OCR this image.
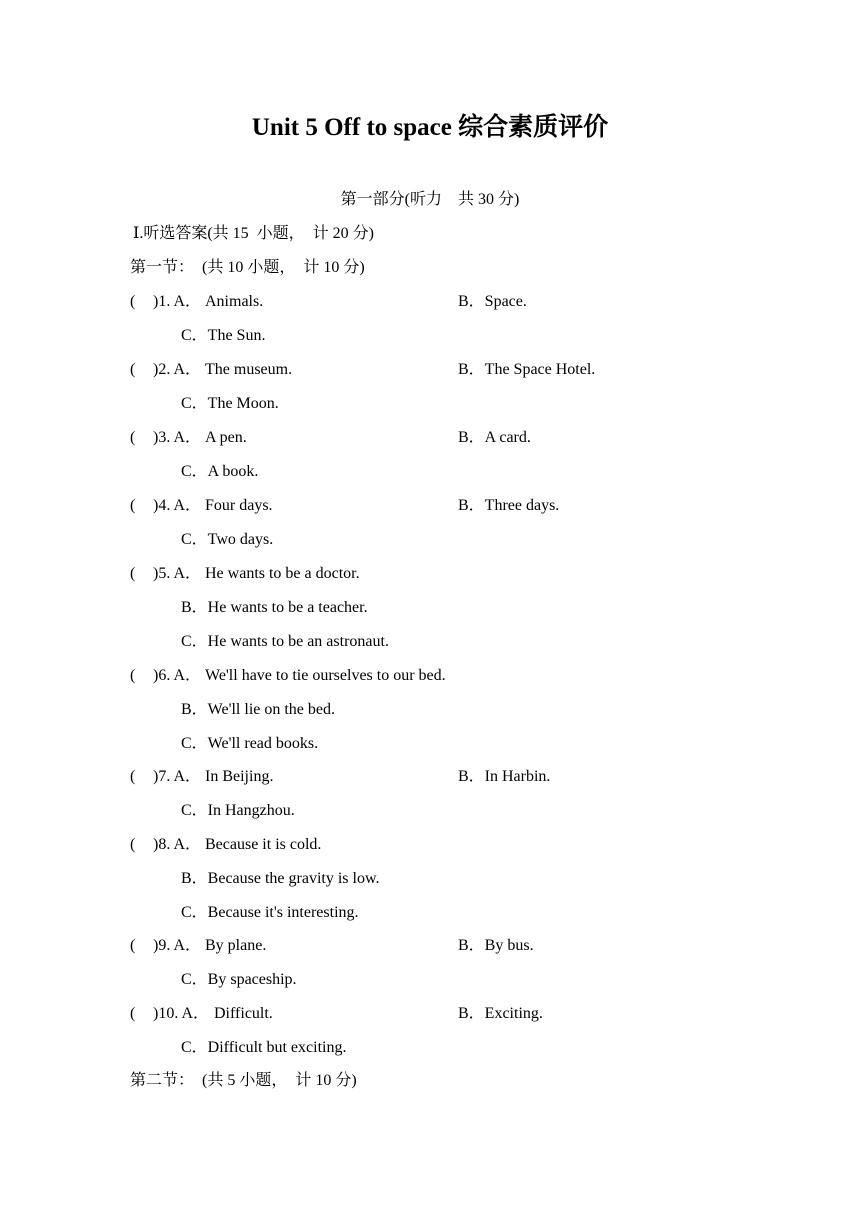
Unit 5 Off to space 综合素质评价
第一部分(听力　共 30 分)
Ⅰ.听选答案(共 15  小题，  计 20 分)
第一节：  (共 10 小题，  计 10 分)
( )1. A． Animals.	B．Space.
C．The Sun.
( )2. A． The museum.	B．The Space Hotel.
C．The Moon.
( )3. A． A pen.	B．A card.
C．A book.
( )4. A． Four days.	B．Three days.
C．Two days.
( )5. A． He wants to be a doctor.
B．He wants to be a teacher.
C．He wants to be an astronaut.
( )6. A． We'll have to tie ourselves to our bed.
B．We'll lie on the bed.
C．We'll read books.
( )7. A． In Beijing.	B．In Harbin.
C．In Hangzhou.
( )8. A． Because it is cold.
B．Because the gravity is low.
C．Because it's interesting.
( )9. A． By plane.	B．By bus.
C．By spaceship.
( )10. A． Difficult.	B．Exciting.
C．Difficult but exciting.
第二节：  (共 5 小题，  计 10 分)
